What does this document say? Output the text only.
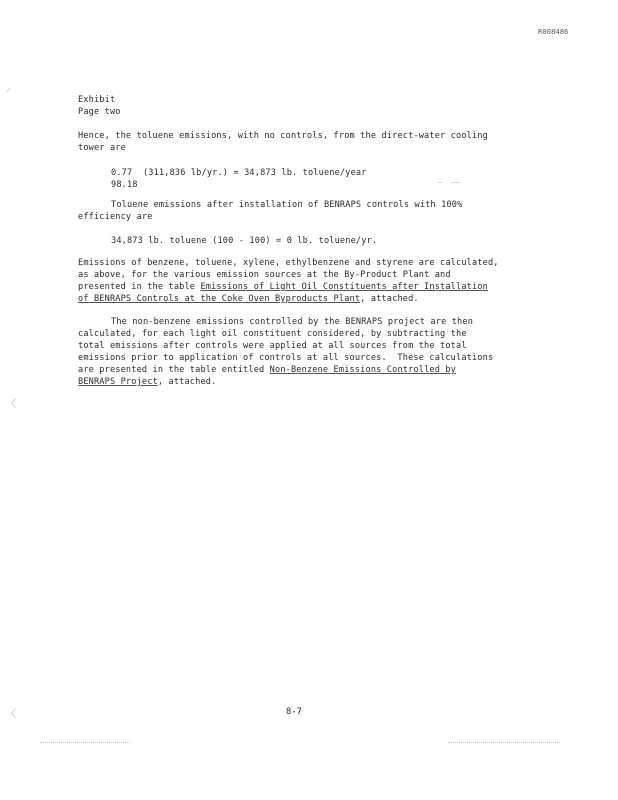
R008486
⸝
〈
〈
Exhibit
Page two
Hence, the toluene emissions, with no controls, from the direct-water cooling
tower are
0.77  (311,836 lb/yr.) = 34,873 lb. toluene/year
98.18	—  ——
Toluene emissions after installation of BENRAPS controls with 100%
efficiency are
34,873 lb. toluene (100 - 100) = 0 lb. toluene/yr.
Emissions of benzene, toluene, xylene, ethylbenzene and styrene are calculated,
as above, for the various emission sources at the By-Product Plant and
presented in the table Emissions of Light Oil Constituents after Installation
of BENRAPS Controls at the Coke Oven Byproducts Plant, attached.
The non-benzene emissions controlled by the BENRAPS project are then
calculated, for each light oil constituent considered, by subtracting the
total emissions after controls were applied at all sources from the total
emissions prior to application of controls at all sources.  These calculations
are presented in the table entitled Non-Benzene Emissions Controlled by
BENRAPS Project, attached.
8-7
